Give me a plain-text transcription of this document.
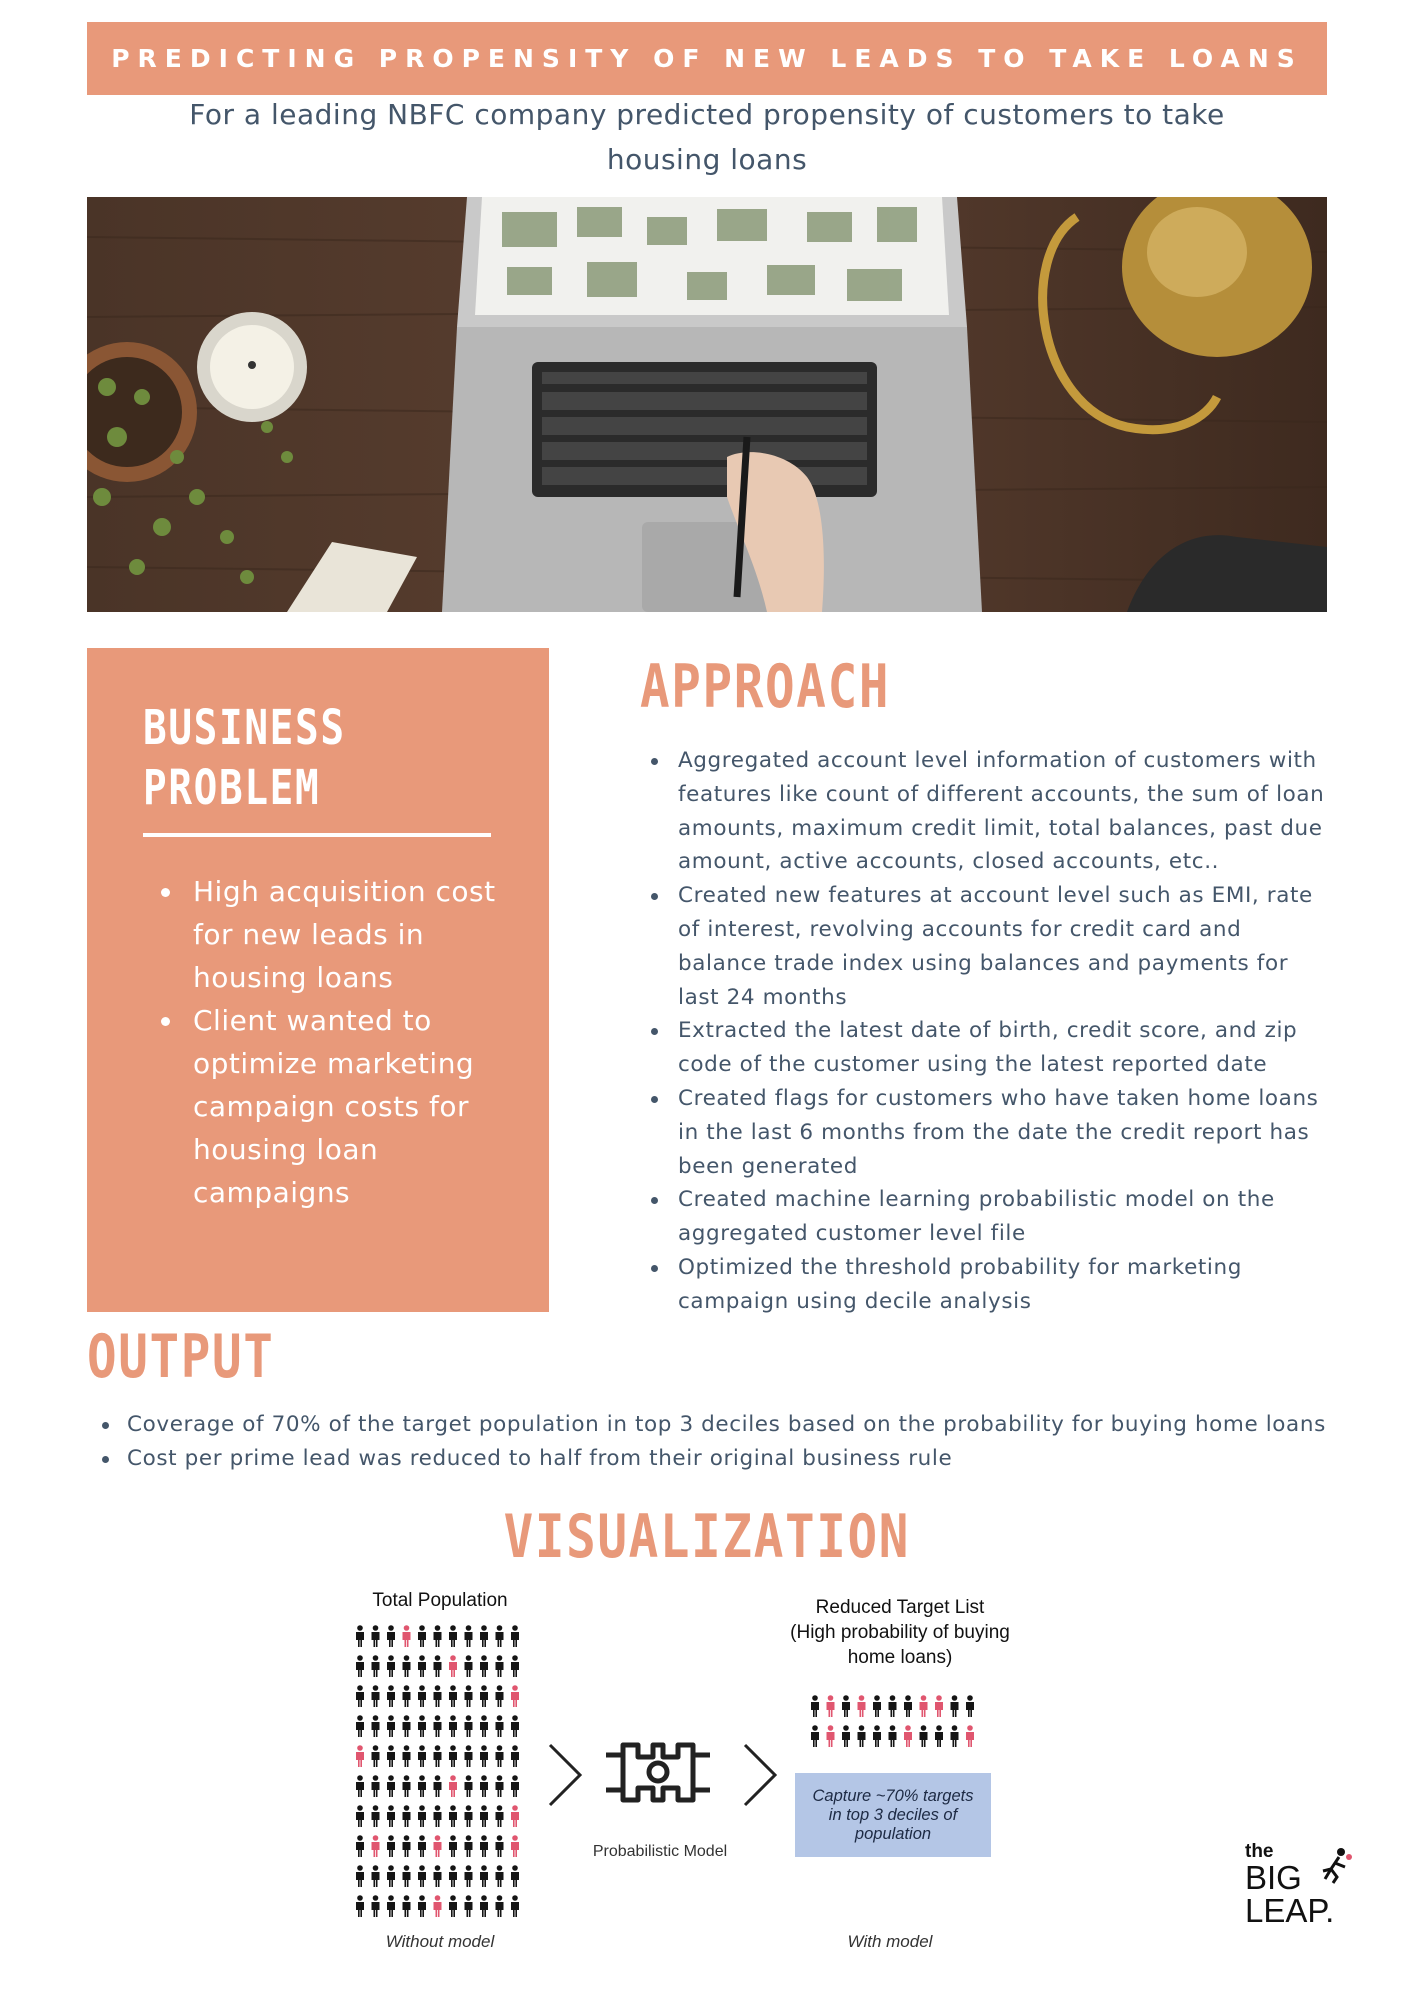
PREDICTING PROPENSITY OF NEW LEADS TO TAKE LOANS
For a leading NBFC company predicted propensity of customers to take
housing loans
BUSINESS
PROBLEM
High acquisition cost for new leads in housing loans
Client wanted to optimize marketing campaign costs for housing loan campaigns
APPROACH
Aggregated account level information of customers with features like count of different accounts, the sum of loan amounts, maximum credit limit, total balances, past due amount, active accounts, closed accounts, etc..
Created new features at account level such as EMI, rate of interest, revolving accounts for credit card and balance trade index using balances and payments for last 24 months
Extracted the latest date of birth, credit score, and zip code of the customer using the latest reported date
Created flags for customers who have taken home loans in the last 6 months from the date the credit report has been generated
Created machine learning probabilistic model on the aggregated customer level file
Optimized the threshold probability for marketing campaign using decile analysis
OUTPUT
Coverage of 70% of the target population in top 3 deciles based on the probability for buying home loans
Cost per prime lead was reduced to half from their original business rule
VISUALIZATION
Total Population
Without model
Probabilistic Model
Reduced Target List
(High probability of buying
home loans)
Capture ~70% targets in top 3 deciles of population
With model
the
BIG
LEAP.
